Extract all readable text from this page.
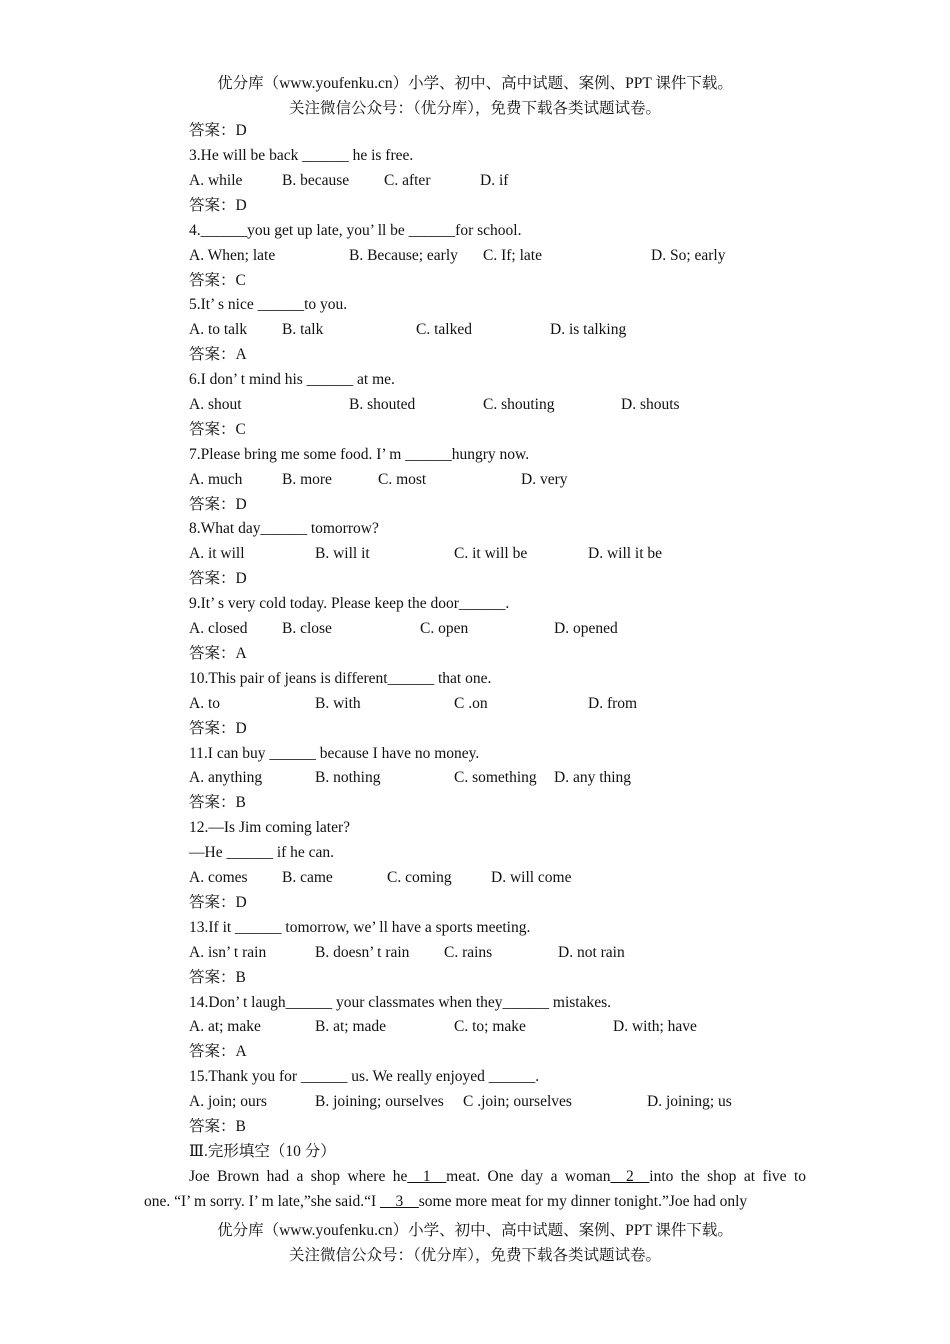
优分库（www.youfenku.cn）小学、初中、高中试题、案例、PPT 课件下载。
关注微信公众号：（优分库），免费下载各类试题试卷。
答案：D
3.He will be back ______ he is free.
A. while	B. because C. after	D. if
答案：D
4.______you get up late, you’ ll be ______for school.
A. When; late	B. Because; early C. If; late	D. So; early
答案：C
5.It’ s nice ______to you.
A. to talk B. talk	C. talked	D. is talking
答案：A
6.I don’ t mind his ______ at me.
A. shout	B. shouted	C. shouting	D. shouts
答案：C
7.Please bring me some food. I’ m ______hungry now.
A. much	B. more	C. most	D. very
答案：D
8.What day______ tomorrow?
A. it will	B. will it	C. it will be	D. will it be
答案：D
9.It’ s very cold today. Please keep the door______.
A. closed B. close	C. open	D. opened
答案：A
10.This pair of jeans is different______ that one.
A. to	B. with	C .on	D. from
答案：D
11.I can buy ______ because I have no money.
A. anything	B. nothing	C. something D. any thing
答案：B
12.—Is Jim coming later?
—He ______ if he can.
A. comes B. came	C. coming	D. will come
答案：D
13.If it ______ tomorrow, we’ ll have a sports meeting.
A. isn’ t rain	B. doesn’ t rain C. rains	D. not rain
答案：B
14.Don’ t laugh______ your classmates when they______ mistakes.
A. at; make	B. at; made	C. to; make	D. with; have
答案：A
15.Thank you for ______ us. We really enjoyed ______.
A. join; ours	B. joining; ourselves C .join; ourselves	D. joining; us
答案：B
Ⅲ.完形填空（10 分）
Joe Brown had a shop where he__1__meat. One day a woman__2__into the shop at five to
one. “I’ m sorry. I’ m late,”she said.“I __3__some more meat for my dinner tonight.”Joe had only
优分库（www.youfenku.cn）小学、初中、高中试题、案例、PPT 课件下载。
关注微信公众号：（优分库），免费下载各类试题试卷。
